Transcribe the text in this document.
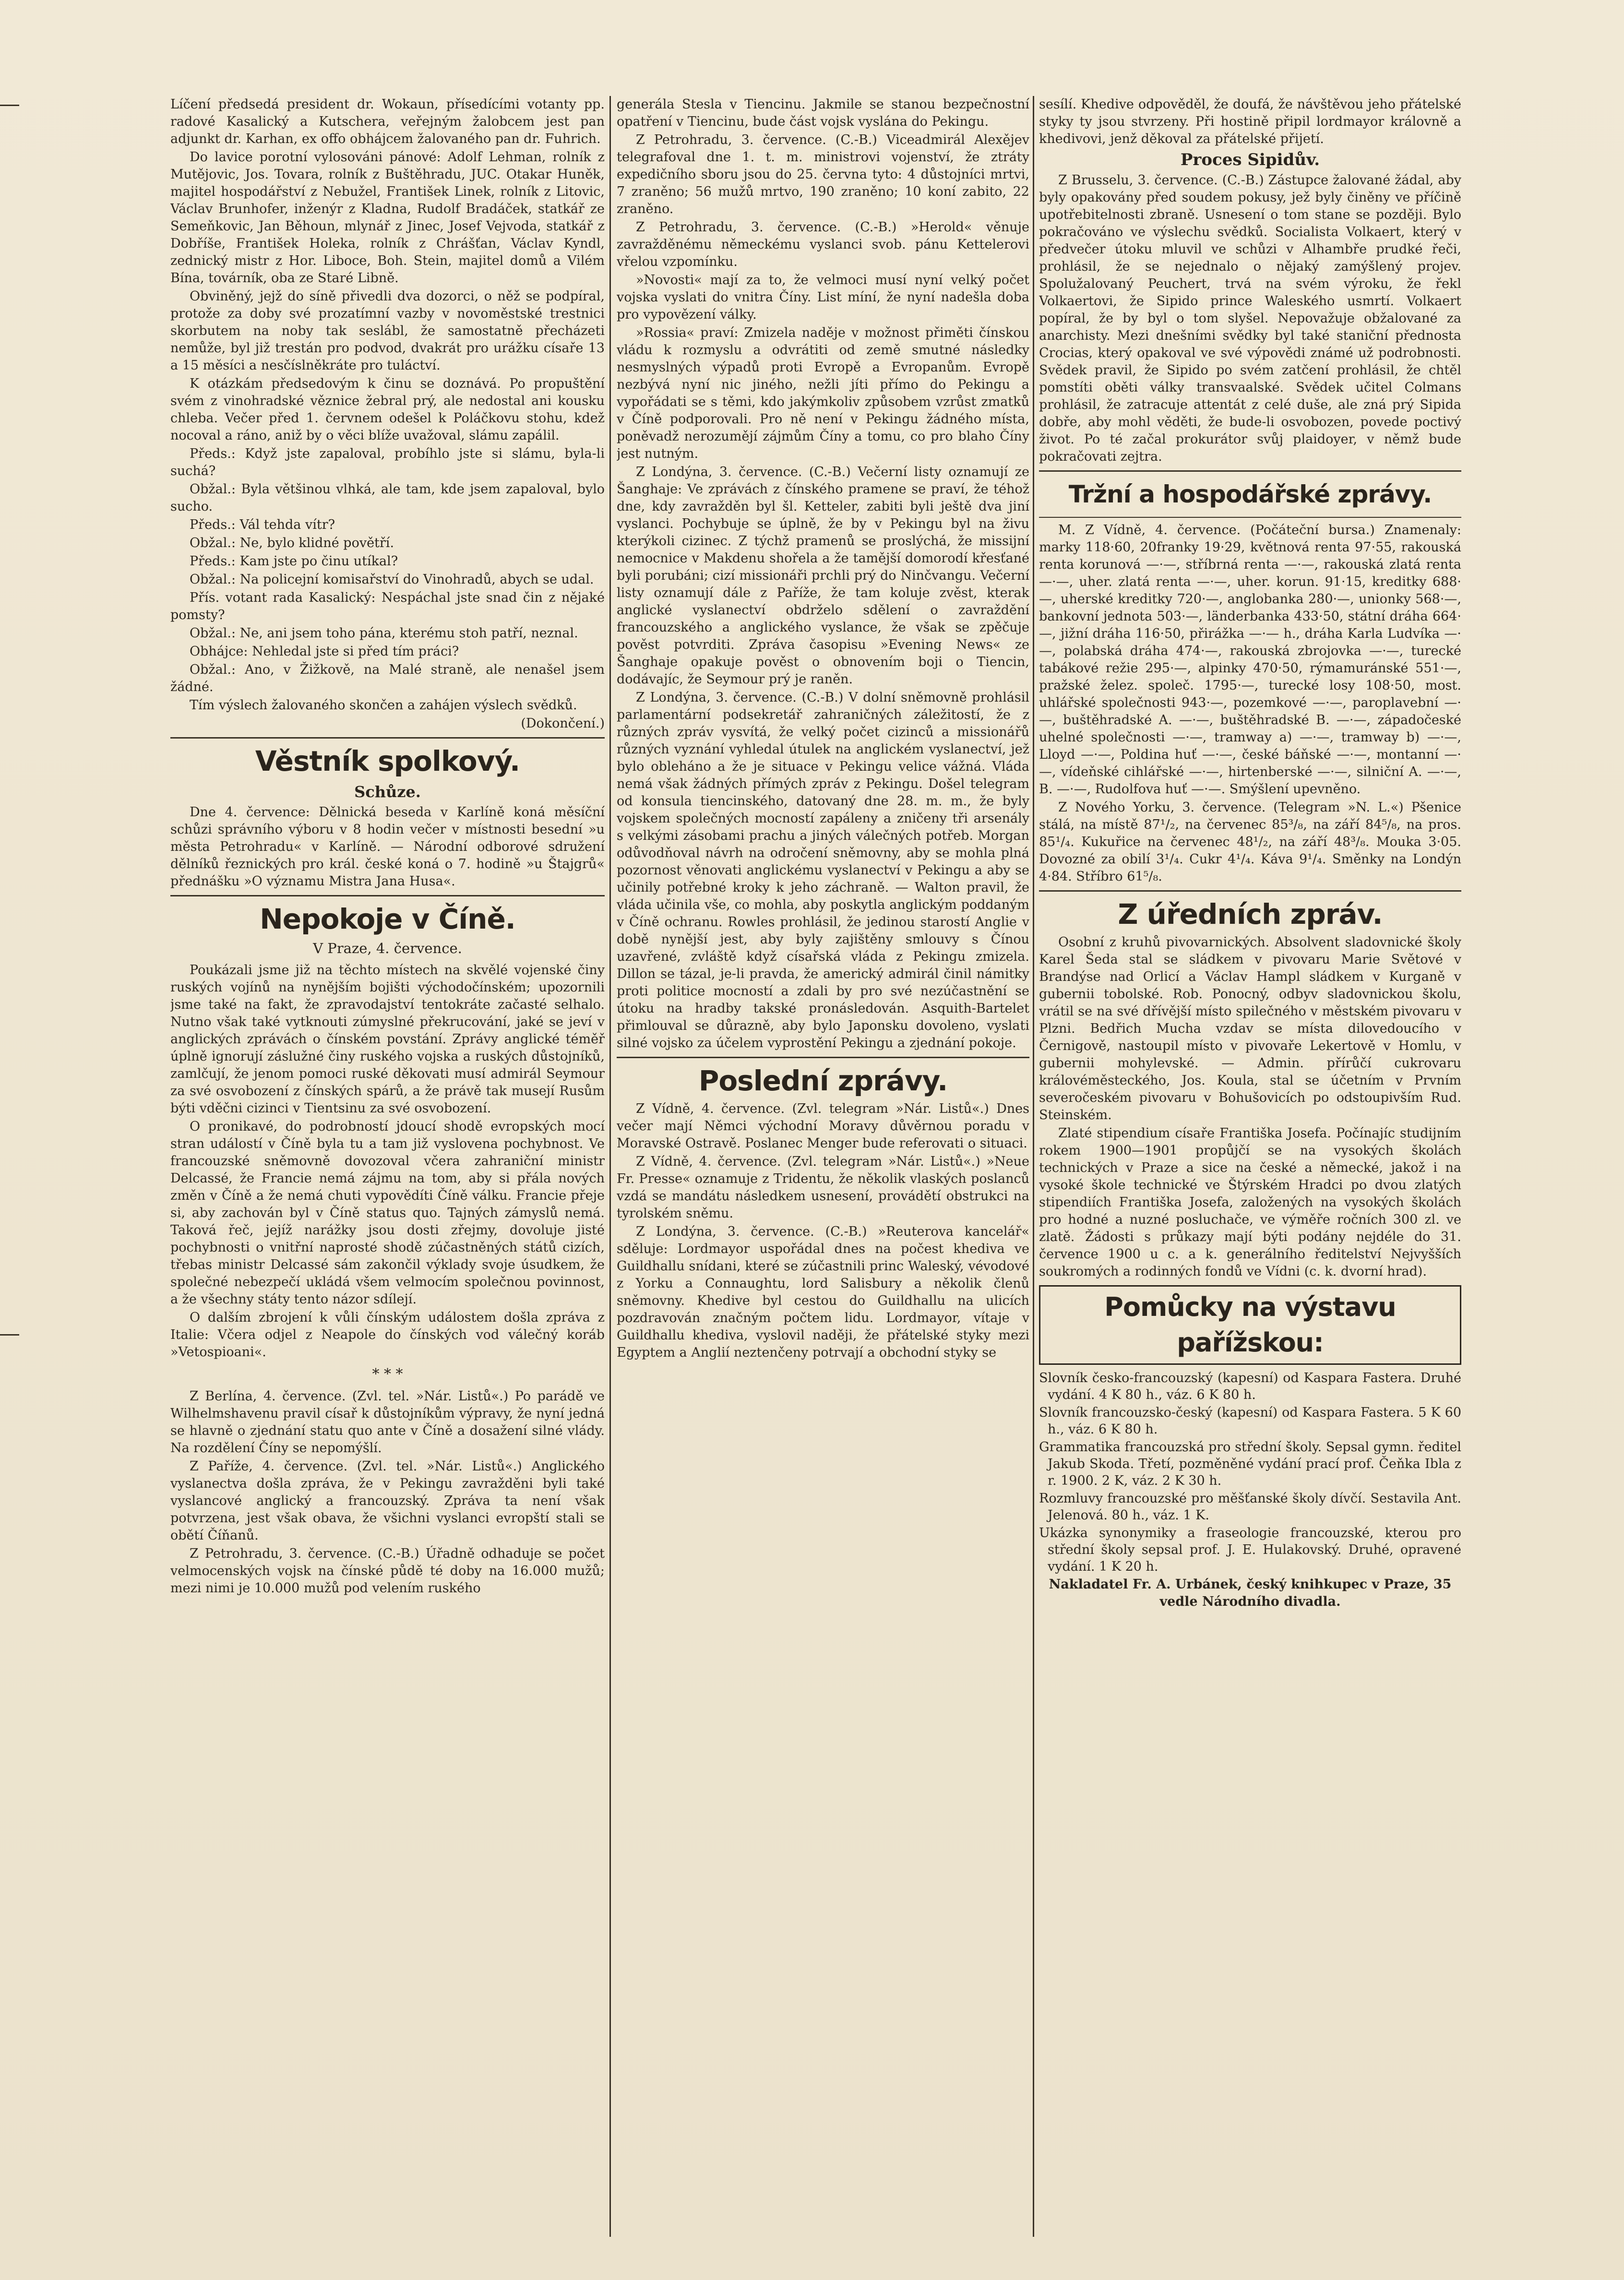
Líčení předsedá president dr. Wokaun, přísedícími votanty pp. radové Kasalický a Kutschera, veřejným žalobcem jest pan adjunkt dr. Karhan, ex offo obhájcem žalovaného pan dr. Fuhrich.

Do lavice porotní vylosováni pánové: Adolf Lehman, rolník z Mutějovic, Jos. Tovara, rolník z Buštěhradu, JUC. Otakar Huněk, majitel hospodářství z Nebužel, František Linek, rolník z Litovic, Václav Brunhofer, inženýr z Kladna, Rudolf Bradáček, statkář ze Semeňkovic, Jan Běhoun, mlynář z Jinec, Josef Vejvoda, statkář z Dobříše, František Holeka, rolník z Chrášťan, Václav Kyndl, zednický mistr z Hor. Liboce, Boh. Stein, majitel domů a Vilém Bína, továrník, oba ze Staré Libně.

Obviněný, jejž do síně přivedli dva dozorci, o něž se podpíral, protože za doby své prozatímní vazby v novoměstské trestnici skorbutem na noby tak seslábl, že samostatně přecházeti nemůže, byl již trestán pro podvod, dvakrát pro urážku císaře 13 a 15 měsíci a nesčíslněkráte pro tuláctví.

K otázkám předsedovým k činu se doznává. Po propuštění svém z vinohradské věznice žebral prý, ale nedostal ani kousku chleba. Večer před 1. červnem odešel k Poláčkovu stohu, kdež nocoval a ráno, aniž by o věci blíže uvažoval, slámu zapálil.

Předs.: Když jste zapaloval, probíhlo jste si slámu, byla-li suchá?

Obžal.: Byla většinou vlhká, ale tam, kde jsem zapaloval, bylo sucho.

Předs.: Vál tehda vítr?

Obžal.: Ne, bylo klidné povětří.

Předs.: Kam jste po činu utíkal?

Obžal.: Na policejní komisařství do Vinohradů, abych se udal.

Přís. votant rada Kasalický: Nespáchal jste snad čin z nějaké pomsty?

Obžal.: Ne, ani jsem toho pána, kterému stoh patří, neznal.

Obhájce: Nehledal jste si před tím práci?

Obžal.: Ano, v Žižkově, na Malé straně, ale nenašel jsem žádné.

Tím výslech žalovaného skončen a zahájen výslech svědků.

(Dokončení.)

Věstník spolkový.
Schůze.

Dne 4. července: Dělnická beseda v Karlíně koná měsíční schůzi správního výboru v 8 hodin večer v místnosti besední »u města Petrohradu« v Karlíně. — Národní odborové sdružení dělníků řeznických pro král. české koná o 7. hodině »u Štajgrů« přednášku »O významu Mistra Jana Husa«.

Nepokoje v Číně.
V Praze, 4. července.

Poukázali jsme již na těchto místech na skvělé vojenské činy ruských vojínů na nynějším bojišti východočínském; upozornili jsme také na fakt, že zpravodajství tentokráte začasté selhalo. Nutno však také vytknouti zúmyslné překrucování, jaké se jeví v anglických zprávách o čínském povstání. Zprávy anglické téměř úplně ignorují záslužné činy ruského vojska a ruských důstojníků, zamlčují, že jenom pomoci ruské děkovati musí admirál Seymour za své osvobození z čínských spárů, a že právě tak musejí Rusům býti vděčni cizinci v Tientsinu za své osvobození.

O pronikavé, do podrobností jdoucí shodě evropských mocí stran událostí v Číně byla tu a tam již vyslovena pochybnost. Ve francouzské sněmovně dovozoval včera zahraniční ministr Delcassé, že Francie nemá zájmu na tom, aby si přála nových změn v Číně a že nemá chuti vypovědíti Číně válku. Francie přeje si, aby zachován byl v Číně status quo. Tajných zámyslů nemá. Taková řeč, jejíž narážky jsou dosti zřejmy, dovoluje jisté pochybnosti o vnitřní naprosté shodě zúčastněných států cizích, třebas ministr Delcassé sám zakončil výklady svoje úsudkem, že společné nebezpečí ukládá všem velmocím společnou povinnost, a že všechny státy tento názor sdílejí.

O dalším zbrojení k vůli čínským událostem došla zpráva z Italie: Včera odjel z Neapole do čínských vod válečný koráb »Vetospioani«.

* * *

Z Berlína, 4. července. (Zvl. tel. »Nár. Listů«.) Po parádě ve Wilhelmshavenu pravil císař k důstojníkům výpravy, že nyní jedná se hlavně o zjednání statu quo ante v Číně a dosažení silné vlády. Na rozdělení Číny se nepomýšlí.

Z Paříže, 4. července. (Zvl. tel. »Nár. Listů«.) Anglického vyslanectva došla zpráva, že v Pekingu zavražděni byli také vyslancové anglický a francouzský. Zpráva ta není však potvrzena, jest však obava, že všichni vyslanci evropští stali se obětí Číňanů.

Z Petrohradu, 3. července. (C.-B.) Úřadně odhaduje se počet velmocenských vojsk na čínské půdě té doby na 16.000 mužů; mezi nimi je 10.000 mužů pod velením ruského

generála Stesla v Tiencinu. Jakmile se stanou bezpečnostní opatření v Tiencinu, bude část vojsk vyslána do Pekingu.

Z Petrohradu, 3. července. (C.-B.) Viceadmirál Alexějev telegrafoval dne 1. t. m. ministrovi vojenství, že ztráty expedičního sboru jsou do 25. června tyto: 4 důstojníci mrtvi, 7 zraněno; 56 mužů mrtvo, 190 zraněno; 10 koní zabito, 22 zraněno.

Z Petrohradu, 3. července. (C.-B.) »Herold« věnuje zavražděnému německému vyslanci svob. pánu Kettelerovi vřelou vzpomínku.

»Novosti« mají za to, že velmoci musí nyní velký počet vojska vyslati do vnitra Číny. List míní, že nyní nadešla doba pro vypovězení války.

»Rossia« praví: Zmizela naděje v možnost přiměti čínskou vládu k rozmyslu a odvrátiti od země smutné následky nesmyslných výpadů proti Evropě a Evropanům. Evropě nezbývá nyní nic jiného, nežli jíti přímo do Pekingu a vypořádati se s těmi, kdo jakýmkoliv způsobem vzrůst zmatků v Číně podporovali. Pro ně není v Pekingu žádného místa, poněvadž nerozumějí zájmům Číny a tomu, co pro blaho Číny jest nutným.

Z Londýna, 3. července. (C.-B.) Večerní listy oznamují ze Šanghaje: Ve zprávách z čínského pramene se praví, že téhož dne, kdy zavražděn byl šl. Ketteler, zabiti byli ještě dva jiní vyslanci. Pochybuje se úplně, že by v Pekingu byl na živu kterýkoli cizinec. Z týchž pramenů se proslýchá, že missijní nemocnice v Makdenu shořela a že tamější domorodí křesťané byli porubáni; cizí missionáři prchli prý do Ninčvangu. Večerní listy oznamují dále z Paříže, že tam koluje zvěst, kterak anglické vyslanectví obdrželo sdělení o zavraždění francouzského a anglického vyslance, že však se zpěčuje pověst potvrditi. Zpráva časopisu »Evening News« ze Šanghaje opakuje pověst o obnovením boji o Tiencin, dodávajíc, že Seymour prý je raněn.

Z Londýna, 3. července. (C.-B.) V dolní sněmovně prohlásil parlamentární podsekretář zahraničných záležitostí, že z různých zpráv vysvítá, že velký počet cizinců a missionářů různých vyznání vyhledal útulek na anglickém vyslanectví, jež bylo obleháno a že je situace v Pekingu velice vážná. Vláda nemá však žádných přímých zpráv z Pekingu. Došel telegram od konsula tiencinského, datovaný dne 28. m. m., že byly vojskem společných mocností zapáleny a zničeny tři arsenály s velkými zásobami prachu a jiných válečných potřeb. Morgan odůvodňoval návrh na odročení sněmovny, aby se mohla plná pozornost věnovati anglickému vyslanectví v Pekingu a aby se učinily potřebné kroky k jeho záchraně. — Walton pravil, že vláda učinila vše, co mohla, aby poskytla anglickým poddaným v Číně ochranu. Rowles prohlásil, že jedinou starostí Anglie v době nynější jest, aby byly zajištěny smlouvy s Čínou uzavřené, zvláště když císařská vláda z Pekingu zmizela. Dillon se tázal, je-li pravda, že americký admirál činil námitky proti politice mocností a zdali by pro své nezúčastnění se útoku na hradby takské pronásledován. Asquith-Bartelet přimlouval se důrazně, aby bylo Japonsku dovoleno, vyslati silné vojsko za účelem vyprostění Pekingu a zjednání pokoje.

Poslední zprávy.

Z Vídně, 4. července. (Zvl. telegram »Nár. Listů«.) Dnes večer mají Němci východní Moravy důvěrnou poradu v Moravské Ostravě. Poslanec Menger bude referovati o situaci.

Z Vídně, 4. července. (Zvl. telegram »Nár. Listů«.) »Neue Fr. Presse« oznamuje z Tridentu, že několik vlaských poslanců vzdá se mandátu následkem usnesení, provádětí obstrukci na tyrolském sněmu.

Z Londýna, 3. července. (C.-B.) »Reuterova kancelář« sděluje: Lordmayor uspořádal dnes na počest khediva ve Guildhallu snídani, které se zúčastnili princ Waleský, vévodové z Yorku a Connaughtu, lord Salisbury a několik členů sněmovny. Khedive byl cestou do Guildhallu na ulicích pozdravován značným počtem lidu. Lordmayor, vítaje v Guildhallu khediva, vyslovil naději, že přátelské styky mezi Egyptem a Anglií neztenčeny potrvají a obchodní styky se

sesílí. Khedive odpověděl, že doufá, že návštěvou jeho přátelské styky ty jsou stvrzeny. Při hostině připil lordmayor královně a khedivovi, jenž děkoval za přátelské přijetí.

Proces Sipidův.

Z Brusselu, 3. července. (C.-B.) Zástupce žalované žádal, aby byly opakovány před soudem pokusy, jež byly činěny ve příčině upotřebitelnosti zbraně. Usnesení o tom stane se později. Bylo pokračováno ve výslechu svědků. Socialista Volkaert, který v předvečer útoku mluvil ve schůzi v Alhambře prudké řeči, prohlásil, že se nejednalo o nějaký zamýšlený projev. Spolužalovaný Peuchert, trvá na svém výroku, že řekl Volkaertovi, že Sipido prince Waleského usmrtí. Volkaert popíral, že by byl o tom slyšel. Nepovažuje obžalované za anarchisty. Mezi dnešními svědky byl také staniční přednosta Crocias, který opakoval ve své výpovědi známé už podrobnosti. Svědek pravil, že Sipido po svém zatčení prohlásil, že chtěl pomstíti oběti války transvaalské. Svědek učitel Colmans prohlásil, že zatracuje attentát z celé duše, ale zná prý Sipida dobře, aby mohl věděti, že bude-li osvobozen, povede poctivý život. Po té začal prokurátor svůj plaidoyer, v němž bude pokračovati zejtra.

Tržní a hospodářské zprávy.

M. Z Vídně, 4. července. (Počáteční bursa.) Znamenaly: marky 118·60, 20franky 19·29, květnová renta 97·55, rakouská renta korunová —·—, stříbrná renta —·—, rakouská zlatá renta —·—, uher. zlatá renta —·—, uher. korun. 91·15, kreditky 688·—, uherské kreditky 720·—, anglobanka 280·—, unionky 568·—, bankovní jednota 503·—, länderbanka 433·50, státní dráha 664·—, jižní dráha 116·50, přirážka —·— h., dráha Karla Ludvíka —·—, polabská dráha 474·—, rakouská zbrojovka —·—, turecké tabákové režie 295·—, alpinky 470·50, rýmamuránské 551·—, pražské želez. společ. 1795·—, turecké losy 108·50, most. uhlářské společnosti 943·—, pozemkové —·—, paroplavební —·—, buštěhradské A. —·—, buštěhradské B. —·—, západočeské uhelné společnosti —·—, tramway a) —·—, tramway b) —·—, Lloyd —·—, Poldina huť —·—, české báňské —·—, montanní —·—, vídeňské cihlářské —·—, hirtenberské —·—, silniční A. —·—, B. —·—, Rudolfova huť —·—. Smýšlení upevněno.

Z Nového Yorku, 3. července. (Telegram »N. L.«) Pšenice stálá, na místě 87¹/₂, na červenec 85³/₈, na září 84⁵/₈, na pros. 85¹/₄. Kukuřice na červenec 48¹/₂, na září 48³/₈. Mouka 3·05. Dovozné za obilí 3¹/₄. Cukr 4¹/₄. Káva 9¹/₄. Směnky na Londýn 4·84. Stříbro 61⁵/₈.

Z úředních zpráv.

Osobní z kruhů pivovarnických. Absolvent sladovnické školy Karel Šeda stal se sládkem v pivovaru Marie Světové v Brandýse nad Orlicí a Václav Hampl sládkem v Kurganě v gubernii tobolské. Rob. Ponocný, odbyv sladovnickou školu, vrátil se na své dřívější místo spilečného v městském pivovaru v Plzni. Bedřich Mucha vzdav se místa dilovedoucího v Černigově, nastoupil místo v pivovaře Lekertově v Homlu, v gubernii mohylevské. — Admin. přírůčí cukrovaru královéměsteckého, Jos. Koula, stal se účetním v Prvním severočeském pivovaru v Bohušovicích po odstoupivším Rud. Steinském.

Zlaté stipendium císaře Františka Josefa. Počínajíc studijním rokem 1900—1901 propůjčí se na vysokých školách technických v Praze a sice na české a německé, jakož i na vysoké škole technické ve Štýrském Hradci po dvou zlatých stipendiích Františka Josefa, založených na vysokých školách pro hodné a nuzné posluchače, ve výměře ročních 300 zl. ve zlatě. Žádosti s průkazy mají býti podány nejdéle do 31. července 1900 u c. a k. generálního ředitelství Nejvyšších soukromých a rodinných fondů ve Vídni (c. k. dvorní hrad).

Pomůcky na výstavu pařížskou:

Slovník česko-francouzský (kapesní) od Kaspara Fastera. Druhé vydání. 4 K 80 h., váz. 6 K 80 h.

Slovník francouzsko-český (kapesní) od Kaspara Fastera. 5 K 60 h., váz. 6 K 80 h.

Grammatika francouzská pro střední školy. Sepsal gymn. ředitel Jakub Skoda. Třetí, pozměněné vydání prací prof. Čeňka Ibla z r. 1900. 2 K, váz. 2 K 30 h.

Rozmluvy francouzské pro měšťanské školy dívčí. Sestavila Ant. Jelenová. 80 h., váz. 1 K.

Ukázka synonymiky a fraseologie francouzské, kterou pro střední školy sepsal prof. J. E. Hulakovský. Druhé, opravené vydání. 1 K 20 h.

Nakladatel Fr. A. Urbánek, český knihkupec v Praze, 35 vedle Národního divadla.
